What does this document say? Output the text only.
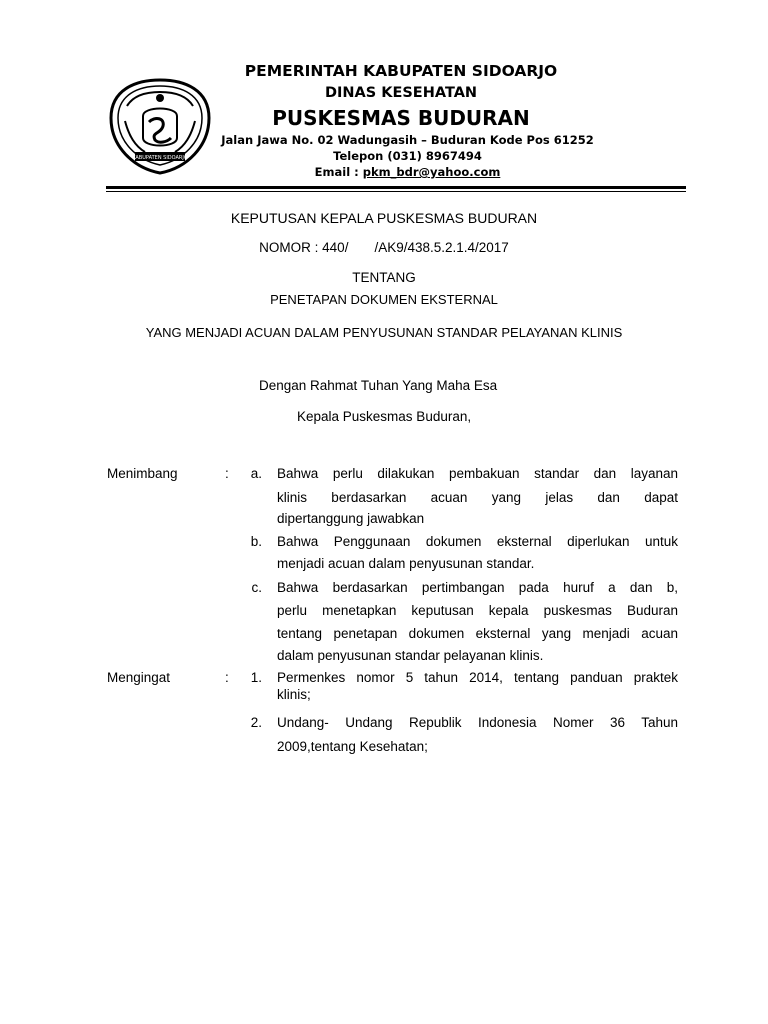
KABUPATEN SIDOARJO
PEMERINTAH KABUPATEN SIDOARJO
DINAS KESEHATAN
PUSKESMAS BUDURAN
Jalan Jawa No. 02 Wadungasih – Buduran Kode Pos 61252
Telepon (031) 8967494
Email : pkm_bdr@yahoo.com
KEPUTUSAN KEPALA PUSKESMAS BUDURAN
NOMOR : 440/ /AK9/438.5.2.1.4/2017
TENTANG
PENETAPAN DOKUMEN EKSTERNAL
YANG MENJADI ACUAN DALAM PENYUSUNAN STANDAR PELAYANAN KLINIS
Dengan Rahmat Tuhan Yang Maha Esa
Kepala Puskesmas Buduran,
Menimbang	:	a. Bahwa perlu dilakukan pembakuan standar dan layanan
klinis berdasarkan acuan yang jelas dan dapat
dipertanggung jawabkan
b. Bahwa Penggunaan dokumen eksternal diperlukan untuk
menjadi acuan dalam penyusunan standar.
c. Bahwa berdasarkan pertimbangan pada huruf a dan b,
perlu menetapkan keputusan kepala puskesmas Buduran
tentang penetapan dokumen eksternal yang menjadi acuan
dalam penyusunan standar pelayanan klinis.
Mengingat	:	1. Permenkes nomor 5 tahun 2014, tentang panduan praktek
klinis;
2. Undang- Undang Republik Indonesia Nomer 36 Tahun
2009,tentang Kesehatan;
